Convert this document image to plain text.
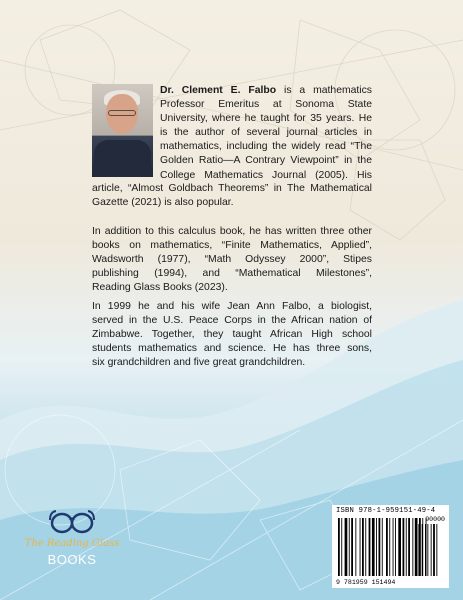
Dr. Clement E. Falbo is a mathematics
Professor Emeritus at Sonoma State
University, where he taught for 35 years. He
is the author of several journal articles in
mathematics, including the widely read “The
Golden Ratio—A Contrary Viewpoint” in the
College Mathematics Journal (2005). His
article, “Almost Goldbach Theorems” in The Mathematical
Gazette (2021) is also popular.
In addition to this calculus book, he has written three other
books on mathematics, “Finite Mathematics, Applied”,
Wadsworth (1977), “Math Odyssey 2000”, Stipes
publishing (1994), and “Mathematical Milestones”,
Reading Glass Books (2023).
In 1999 he and his wife Jean Ann Falbo, a biologist,
served in the U.S. Peace Corps in the African nation of
Zimbabwe. Together, they taught African High school
students mathematics and science. He has three sons,
six grandchildren and five great grandchildren.
The Reading Glass
BOOKS
ISBN 978-1-959151-49-4
90000
9 781959 151494
